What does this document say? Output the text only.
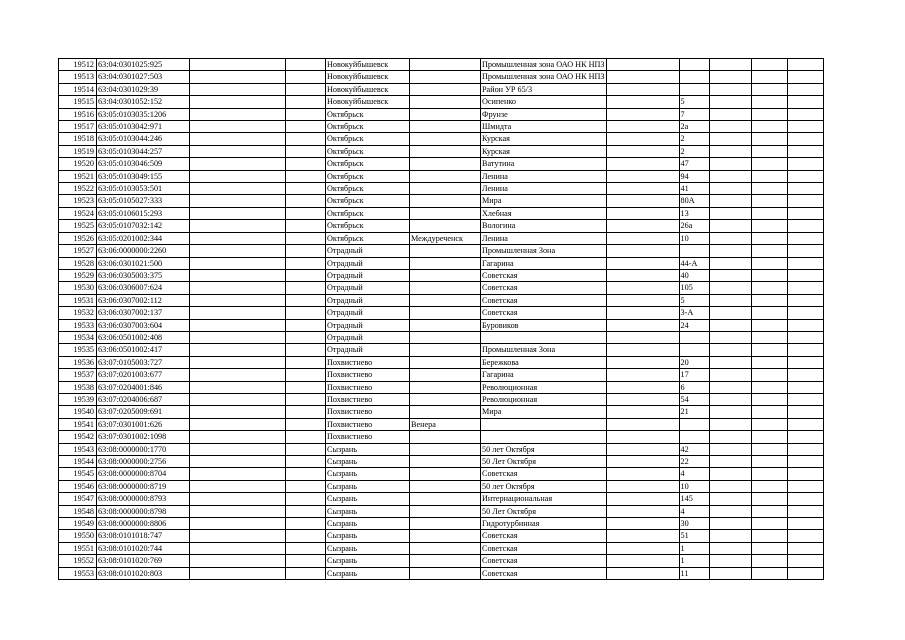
19512	63:04:0301025:925			Новокуйбышевск		Промышленная зона ОАО НК НПЗ					
19513	63:04:0301027:503			Новокуйбышевск		Промышленная зона ОАО НК НПЗ					
19514	63:04:0301029:39			Новокуйбышевск		Район УР 65/3					
19515	63:04:0301052:152			Новокуйбышевск		Осипенко		5			
19516	63:05:0103035:1206			Октябрьск		Фрунзе		7			
19517	63:05:0103042:971			Октябрьск		Шмидта		2а			
19518	63:05:0103044:246			Октябрьск		Курская		2			
19519	63:05:0103044:257			Октябрьск		Курская		2			
19520	63:05:0103046:509			Октябрьск		Ватутина		47			
19521	63:05:0103049:155			Октябрьск		Ленина		94			
19522	63:05:0103053:501			Октябрьск		Ленина		41			
19523	63:05:0105027:333			Октябрьск		Мира		80А			
19524	63:05:0106015:293			Октябрьск		Хлебная		13			
19525	63:05:0107032:142			Октябрьск		Вологина		26а			
19526	63:05:0201002:344			Октябрьск	Междуреченск	Ленина		10			
19527	63:06:0000000:2260			Отрадный		Промышленная Зона					
19528	63:06:0301021:500			Отрадный		Гагарина		44-А			
19529	63:06:0305003:375			Отрадный		Советская		40			
19530	63:06:0306007:624			Отрадный		Советская		105			
19531	63:06:0307002:112			Отрадный		Советская		5			
19532	63:06:0307002:137			Отрадный		Советская		3-А			
19533	63:06:0307003:604			Отрадный		Буровиков		24			
19534	63:06:0501002:408			Отрадный							
19535	63:06:0501002:417			Отрадный		Промышленная Зона					
19536	63:07:0105003:727			Похвистнево		Бережкова		20			
19537	63:07:0201003:677			Похвистнево		Гагарина		17			
19538	63:07:0204001:846			Похвистнево		Революционная		6			
19539	63:07:0204006:687			Похвистнево		Революционная		54			
19540	63:07:0205009:691			Похвистнево		Мира		21			
19541	63:07:0301001:626			Похвистнево	Венера						
19542	63:07:0301002:1098			Похвистнево							
19543	63:08:0000000:1770			Сызрань		50 лет Октября		42			
19544	63:08:0000000:2756			Сызрань		50 Лет Октября		22			
19545	63:08:0000000:8704			Сызрань		Советская		4			
19546	63:08:0000000:8719			Сызрань		50 лет Октября		10			
19547	63:08:0000000:8793			Сызрань		Интернациональная		145			
19548	63:08:0000000:8798			Сызрань		50 Лет Октября		4			
19549	63:08:0000000:8806			Сызрань		Гидротурбинная		30			
19550	63:08:0101018:747			Сызрань		Советская		51			
19551	63:08:0101020:744			Сызрань		Советская		1			
19552	63:08:0101020:769			Сызрань		Советская		1			
19553	63:08:0101020:803			Сызрань		Советская		11			
